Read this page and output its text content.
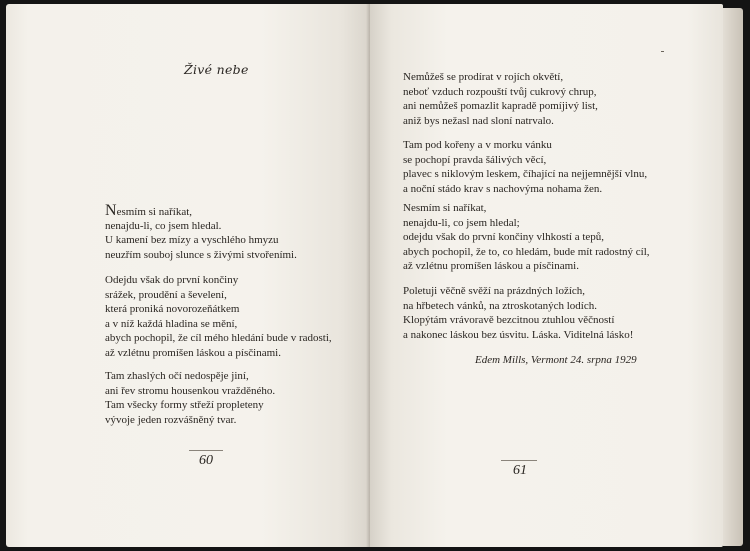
Živé nebe
Nesmím si naříkat,
nenajdu-li, co jsem hledal.
U kamení bez mízy a vyschlého hmyzu
neuzřím souboj slunce s živými stvořeními.
Odejdu však do první končiny
srážek, proudění a ševelení,
která proniká novorozeňátkem
a v níž každá hladina se mění,
abych pochopil, že cíl mého hledání bude v radosti,
až vzlétnu promíšen láskou a písčinami.
Tam zhaslých očí nedospěje jiní,
ani řev stromu housenkou vražděného.
Tam všecky formy střeží propleteny
vývoje jeden rozvášněný tvar.
60
Nemůžeš se prodírat v rojích okvětí,
neboť vzduch rozpouští tvůj cukrový chrup,
ani nemůžeš pomazlit kapradě pomíjivý list,
aniž bys nežasl nad sloní natrvalo.
Tam pod kořeny a v morku vánku
se pochopí pravda šálivých věcí,
plavec s niklovým leskem, číhající na nejjemnější vlnu,
a noční stádo krav s nachovýma nohama žen.
Nesmím si naříkat,
nenajdu-li, co jsem hledal;
odejdu však do první končiny vlhkostí a tepů,
abych pochopil, že to, co hledám, bude mít radostný cíl,
až vzlétnu promíšen láskou a písčinami.
Poletuji věčně svěží na prázdných ložích,
na hřbetech vánků, na ztroskotaných lodích.
Klopýtám vrávoravě bezcitnou ztuhlou věčností
a nakonec láskou bez úsvitu. Láska. Viditelná lásko!
Edem Mills, Vermont 24. srpna 1929
61
